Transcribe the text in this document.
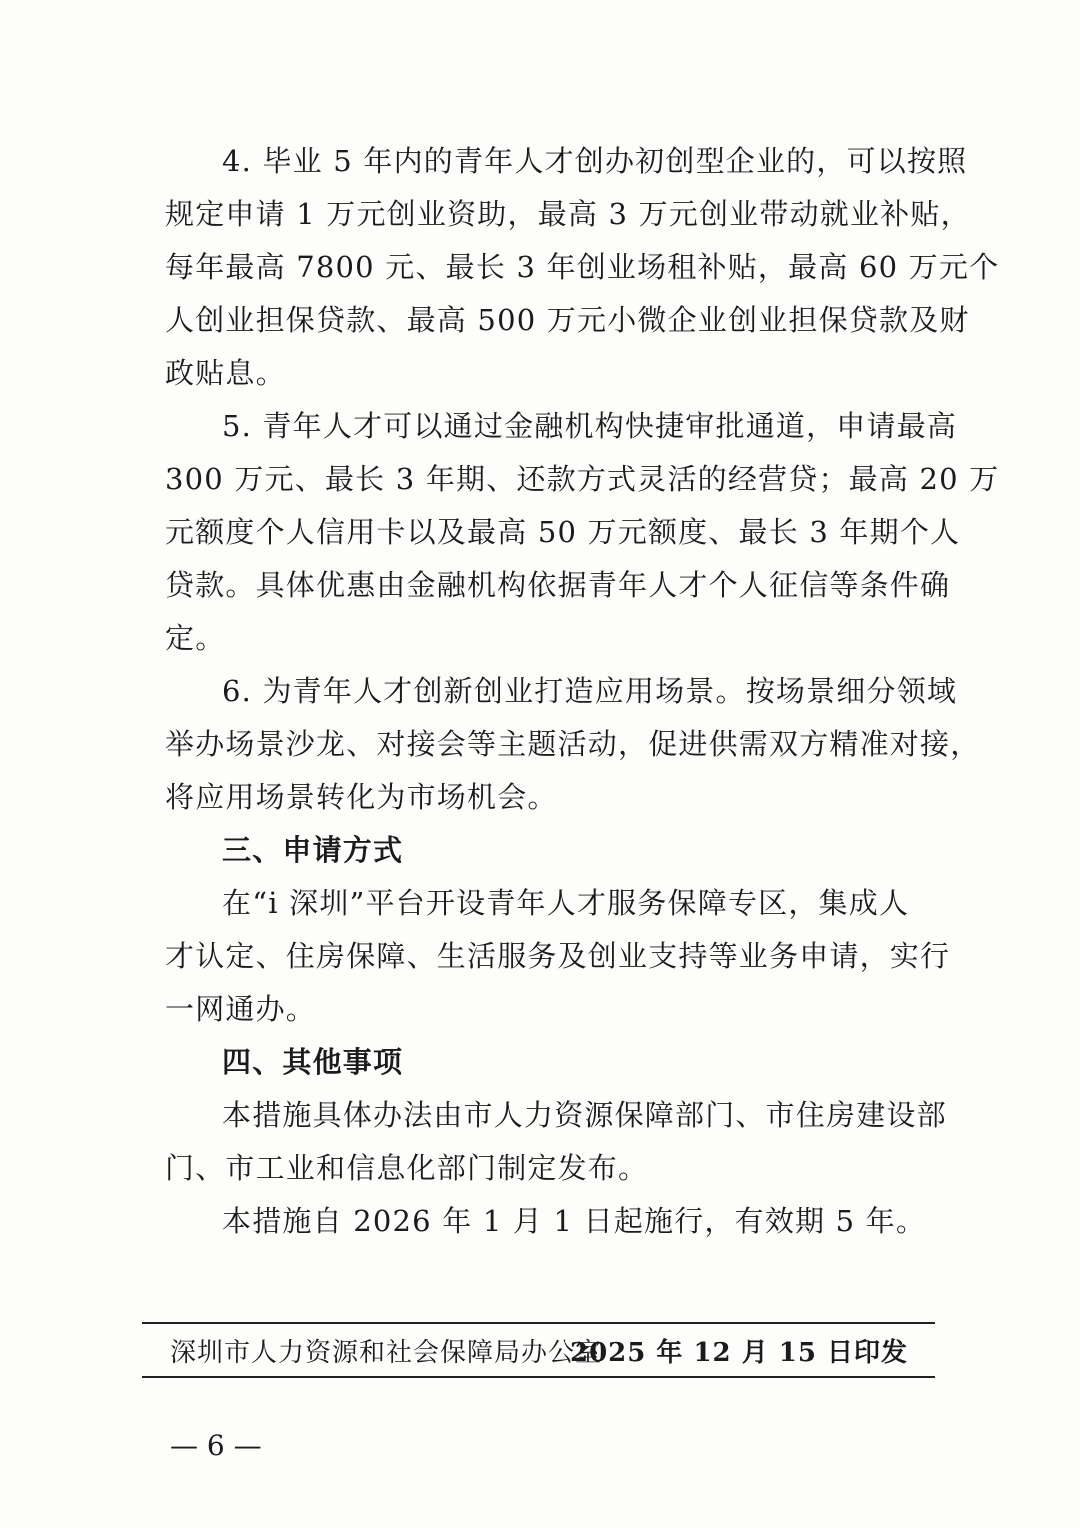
4. 毕业 5 年内的青年人才创办初创型企业的，可以按照
规定申请 1 万元创业资助，最高 3 万元创业带动就业补贴，
每年最高 7800 元、最长 3 年创业场租补贴，最高 60 万元个
人创业担保贷款、最高 500 万元小微企业创业担保贷款及财
政贴息。
5. 青年人才可以通过金融机构快捷审批通道，申请最高
300 万元、最长 3 年期、还款方式灵活的经营贷；最高 20 万
元额度个人信用卡以及最高 50 万元额度、最长 3 年期个人
贷款。具体优惠由金融机构依据青年人才个人征信等条件确
定。
6. 为青年人才创新创业打造应用场景。按场景细分领域
举办场景沙龙、对接会等主题活动，促进供需双方精准对接，
将应用场景转化为市场机会。
三、申请方式
在“i 深圳”平台开设青年人才服务保障专区，集成人
才认定、住房保障、生活服务及创业支持等业务申请，实行
一网通办。
四、其他事项
本措施具体办法由市人力资源保障部门、市住房建设部
门、市工业和信息化部门制定发布。
本措施自 2026 年 1 月 1 日起施行，有效期 5 年。
深圳市人力资源和社会保障局办公室
2025 年 12 月 15 日印发
— 6 —
